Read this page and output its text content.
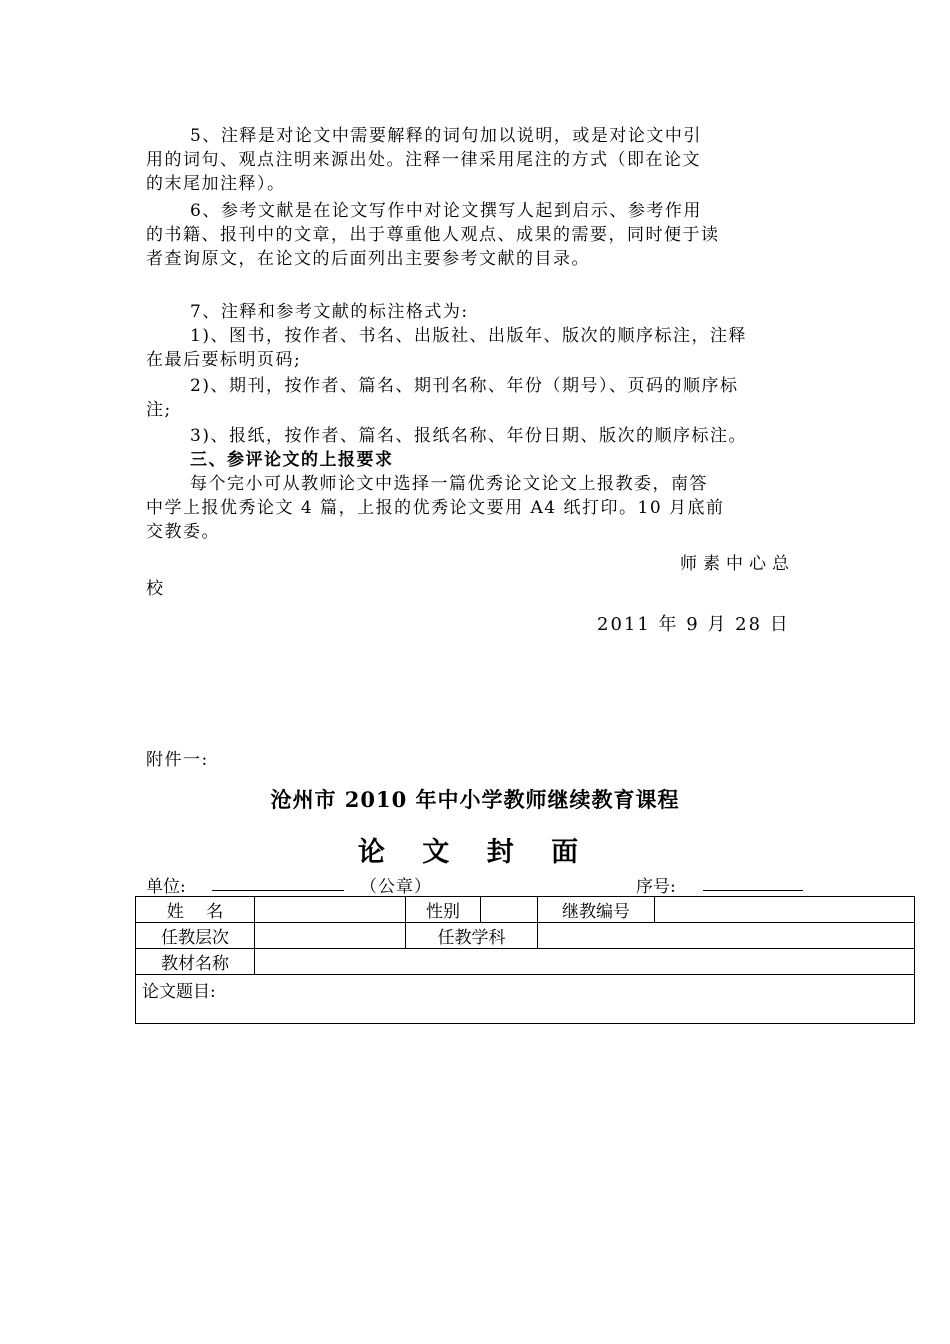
5、注释是对论文中需要解释的词句加以说明，或是对论文中引
用的词句、观点注明来源出处。注释一律采用尾注的方式（即在论文
的末尾加注释）。
6、参考文献是在论文写作中对论文撰写人起到启示、参考作用
的书籍、报刊中的文章，出于尊重他人观点、成果的需要，同时便于读
者查询原文，在论文的后面列出主要参考文献的目录。
7、注释和参考文献的标注格式为:
1)、图书，按作者、书名、出版社、出版年、版次的顺序标注，注释
在最后要标明页码;
2)、期刊，按作者、篇名、期刊名称、年份（期号）、页码的顺序标
注;
3)、报纸，按作者、篇名、报纸名称、年份日期、版次的顺序标注。
三、参评论文的上报要求
每个完小可从教师论文中选择一篇优秀论文论文上报教委，南答
中学上报优秀论文 4 篇，上报的优秀论文要用 A4 纸打印。10 月底前
交教委。
师素中心总
校
2011 年 9 月 28 日
附件一:
沧州市 2010 年中小学教师继续教育课程
论 文 封 面
单位:	（公章）	序号:
姓　 名		性别		继教编号	
任教层次		任教学科			
教材名称					
论文题目:					
